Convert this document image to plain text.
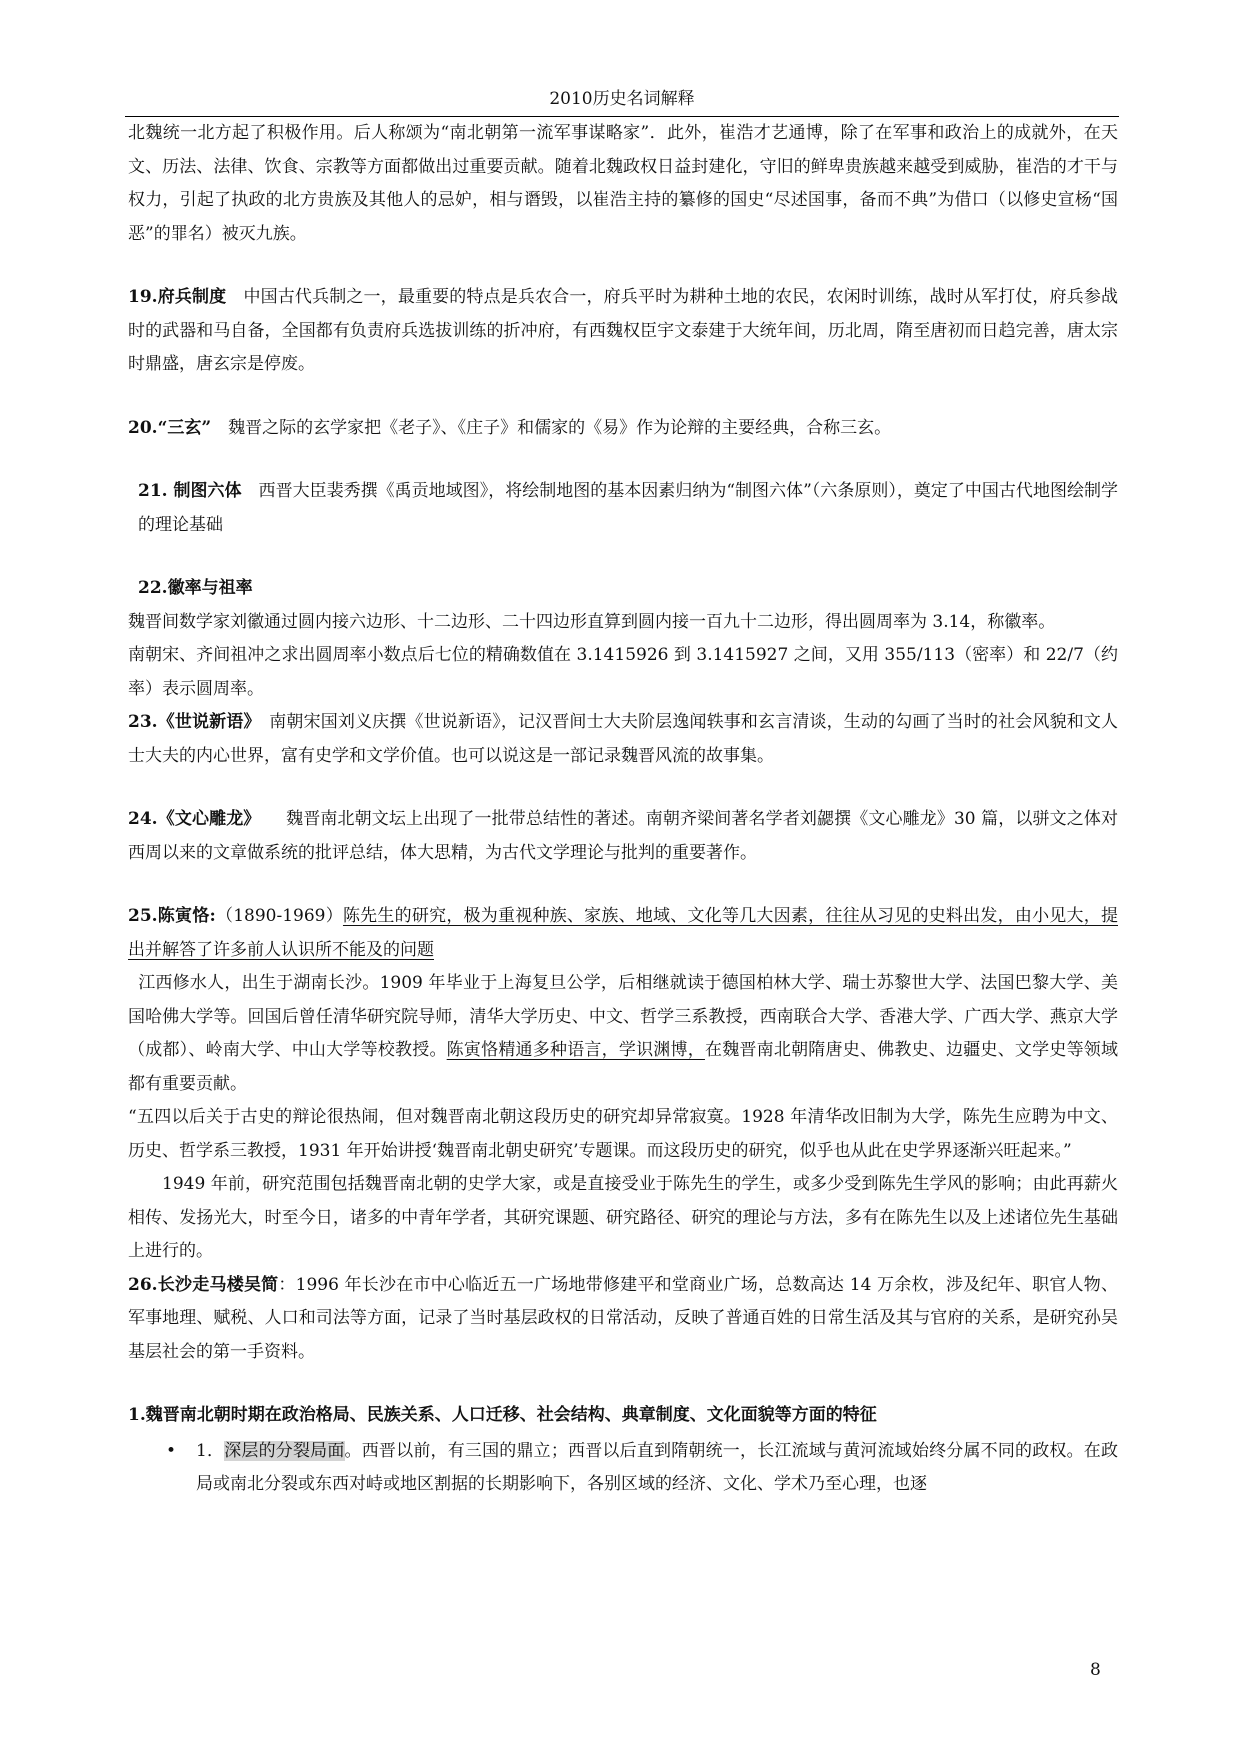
2010历史名词解释

北魏统一北方起了积极作用。后人称颂为“南北朝第一流军事谋略家”．此外，崔浩才艺通博，除了在军事和政治上的成就外，在天文、历法、法律、饮食、宗教等方面都做出过重要贡献。随着北魏政权日益封建化，守旧的鲜卑贵族越来越受到威胁，崔浩的才干与权力，引起了执政的北方贵族及其他人的忌妒，相与谮毁，以崔浩主持的纂修的国史“尽述国事，备而不典”为借口（以修史宣杨“国恶”的罪名）被灭九族。

19.府兵制度　中国古代兵制之一，最重要的特点是兵农合一，府兵平时为耕种土地的农民，农闲时训练，战时从军打仗，府兵参战时的武器和马自备，全国都有负责府兵选拔训练的折冲府，有西魏权臣宇文泰建于大统年间，历北周，隋至唐初而日趋完善，唐太宗时鼎盛，唐玄宗是停废。

20.“三玄”　魏晋之际的玄学家把《老子》、《庄子》和儒家的《易》作为论辩的主要经典，合称三玄。

21. 制图六体　西晋大臣裴秀撰《禹贡地域图》，将绘制地图的基本因素归纳为“制图六体”（六条原则），奠定了中国古代地图绘制学的理论基础

22.徽率与祖率

魏晋间数学家刘徽通过圆内接六边形、十二边形、二十四边形直算到圆内接一百九十二边形，得出圆周率为 3.14，称徽率。

南朝宋、齐间祖冲之求出圆周率小数点后七位的精确数值在 3.1415926 到 3.1415927 之间，又用 355/113（密率）和 22/7（约率）表示圆周率。

23.《世说新语》　南朝宋国刘义庆撰《世说新语》，记汉晋间士大夫阶层逸闻轶事和玄言清谈，生动的勾画了当时的社会风貌和文人士大夫的内心世界，富有史学和文学价值。也可以说这是一部记录魏晋风流的故事集。

24.《文心雕龙》　　魏晋南北朝文坛上出现了一批带总结性的著述。南朝齐梁间著名学者刘勰撰《文心雕龙》30 篇，以骈文之体对西周以来的文章做系统的批评总结，体大思精，为古代文学理论与批判的重要著作。

25.陈寅恪:（1890-1969）陈先生的研究，极为重视种族、家族、地域、文化等几大因素，往往从习见的史料出发，由小见大，提出并解答了许多前人认识所不能及的问题

江西修水人，出生于湖南长沙。1909 年毕业于上海复旦公学，后相继就读于德国柏林大学、瑞士苏黎世大学、法国巴黎大学、美国哈佛大学等。回国后曾任清华研究院导师，清华大学历史、中文、哲学三系教授，西南联合大学、香港大学、广西大学、燕京大学（成都）、岭南大学、中山大学等校教授。陈寅恪精通多种语言，学识渊博，在魏晋南北朝隋唐史、佛教史、边疆史、文学史等领域都有重要贡献。

“五四以后关于古史的辩论很热闹，但对魏晋南北朝这段历史的研究却异常寂寞。1928 年清华改旧制为大学，陈先生应聘为中文、历史、哲学系三教授，1931 年开始讲授‘魏晋南北朝史研究’专题课。而这段历史的研究，似乎也从此在史学界逐渐兴旺起来。”

1949 年前，研究范围包括魏晋南北朝的史学大家，或是直接受业于陈先生的学生，或多少受到陈先生学风的影响；由此再薪火相传、发扬光大，时至今日，诸多的中青年学者，其研究课题、研究路径、研究的理论与方法，多有在陈先生以及上述诸位先生基础上进行的。

26.长沙走马楼吴简：1996 年长沙在市中心临近五一广场地带修建平和堂商业广场，总数高达 14 万余枚，涉及纪年、职官人物、军事地理、赋税、人口和司法等方面，记录了当时基层政权的日常活动，反映了普通百姓的日常生活及其与官府的关系，是研究孙吴基层社会的第一手资料。

1.魏晋南北朝时期在政治格局、民族关系、人口迁移、社会结构、典章制度、文化面貌等方面的特征

•	1．深层的分裂局面。西晋以前，有三国的鼎立；西晋以后直到隋朝统一，长江流域与黄河流域始终分属不同的政权。在政局或南北分裂或东西对峙或地区割据的长期影响下，各别区域的经济、文化、学术乃至心理，也逐
8
